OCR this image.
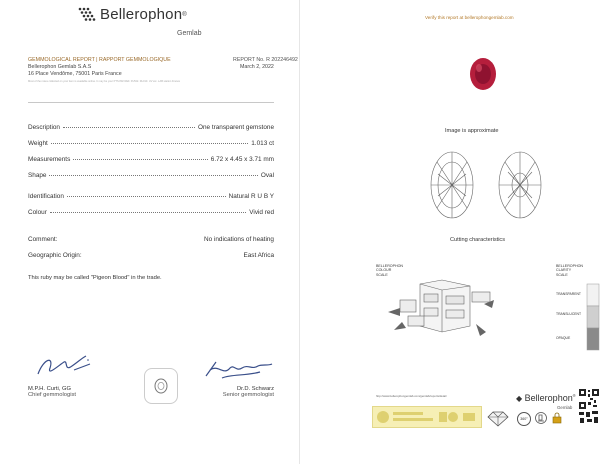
Bellerophon ®
Gemlab
GEMMOLOGICAL REPORT | RAPPORT GEMMOLOGIQUE	REPORT No. R 202246492
Bellerophon Gemlab S.A.S	March 2, 2022
16 Place Vendôme, 75001 Paris France
Most of the notes collected on your item is available online. It may be your PTS 802 REF. Pu532. RL010. UV etc. LAB station France
Description	One transparent gemstone
Weight	1.013 ct
Measurements	6.72 x 4.45 x 3.71 mm
Shape	Oval
Identification	Natural R U B Y
Colour	Vivid red
Comment:	No indications of heating
Geographic Origin:	East Africa
This ruby may be called "Pigeon Blood" in the trade.
M.P.H. Curti, GG
Chief gemmologist
Dr.D. Schwarz
Senior gemmologist
Verify this report at bellerophongemlab.com
Image is approximate
Cutting characteristics
BELLEROPHON
COLOUR
SCALE
BELLEROPHON
CLARITY
SCALE
TRANSPARENT
TRANSLUCENT
OPAQUE
http://www.bellerophongemlab.com/gemlab/reports/detail	◆ Bellerophon®
Gemlab
360°
